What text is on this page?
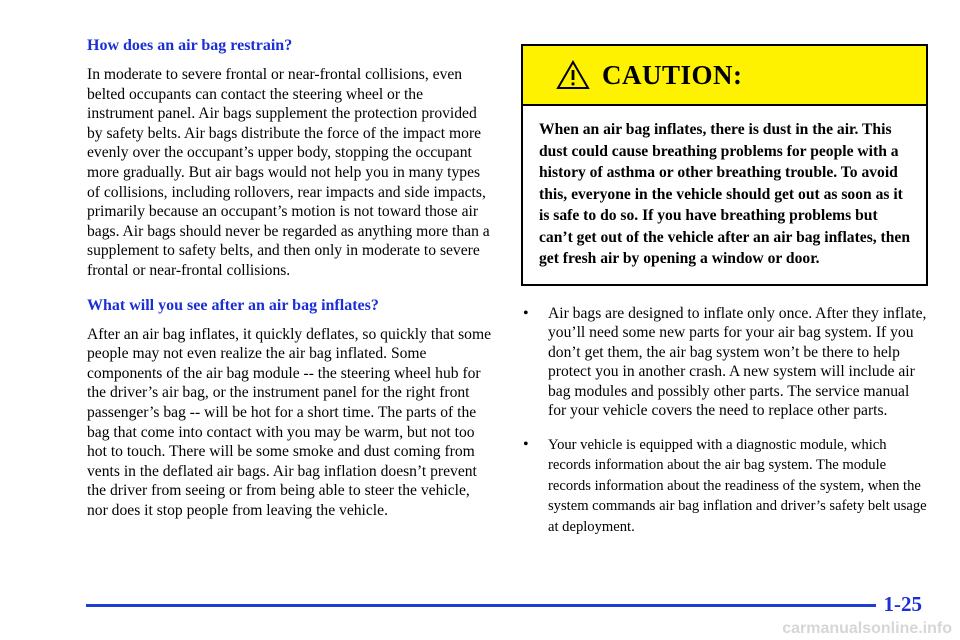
How does an air bag restrain?

In moderate to severe frontal or near-frontal collisions, even belted occupants can contact the steering wheel or the instrument panel. Air bags supplement the protection provided by safety belts. Air bags distribute the force of the impact more evenly over the occupant’s upper body, stopping the occupant more gradually. But air bags would not help you in many types of collisions, including rollovers, rear impacts and side impacts, primarily because an occupant’s motion is not toward those air bags. Air bags should never be regarded as anything more than a supplement to safety belts, and then only in moderate to severe frontal or near-frontal collisions.

What will you see after an air bag inflates?

After an air bag inflates, it quickly deflates, so quickly that some people may not even realize the air bag inflated. Some components of the air bag module -- the steering wheel hub for the driver’s air bag, or the instrument panel for the right front passenger’s bag -- will be hot for a short time. The parts of the bag that come into contact with you may be warm, but not too hot to touch. There will be some smoke and dust coming from vents in the deflated air bags. Air bag inflation doesn’t prevent the driver from seeing or from being able to steer the vehicle, nor does it stop people from leaving the vehicle.

CAUTION:
When an air bag inflates, there is dust in the air. This dust could cause breathing problems for people with a history of asthma or other breathing trouble. To avoid this, everyone in the vehicle should get out as soon as it is safe to do so. If you have breathing problems but can’t get out of the vehicle after an air bag inflates, then get fresh air by opening a window or door.
• Air bags are designed to inflate only once. After they inflate, you’ll need some new parts for your air bag system. If you don’t get them, the air bag system won’t be there to help protect you in another crash. A new system will include air bag modules and possibly other parts. The service manual for your vehicle covers the need to replace other parts.
• Your vehicle is equipped with a diagnostic module, which records information about the air bag system. The module records information about the readiness of the system, when the system commands air bag inflation and driver’s safety belt usage at deployment.
1-25
carmanualsonline.info
